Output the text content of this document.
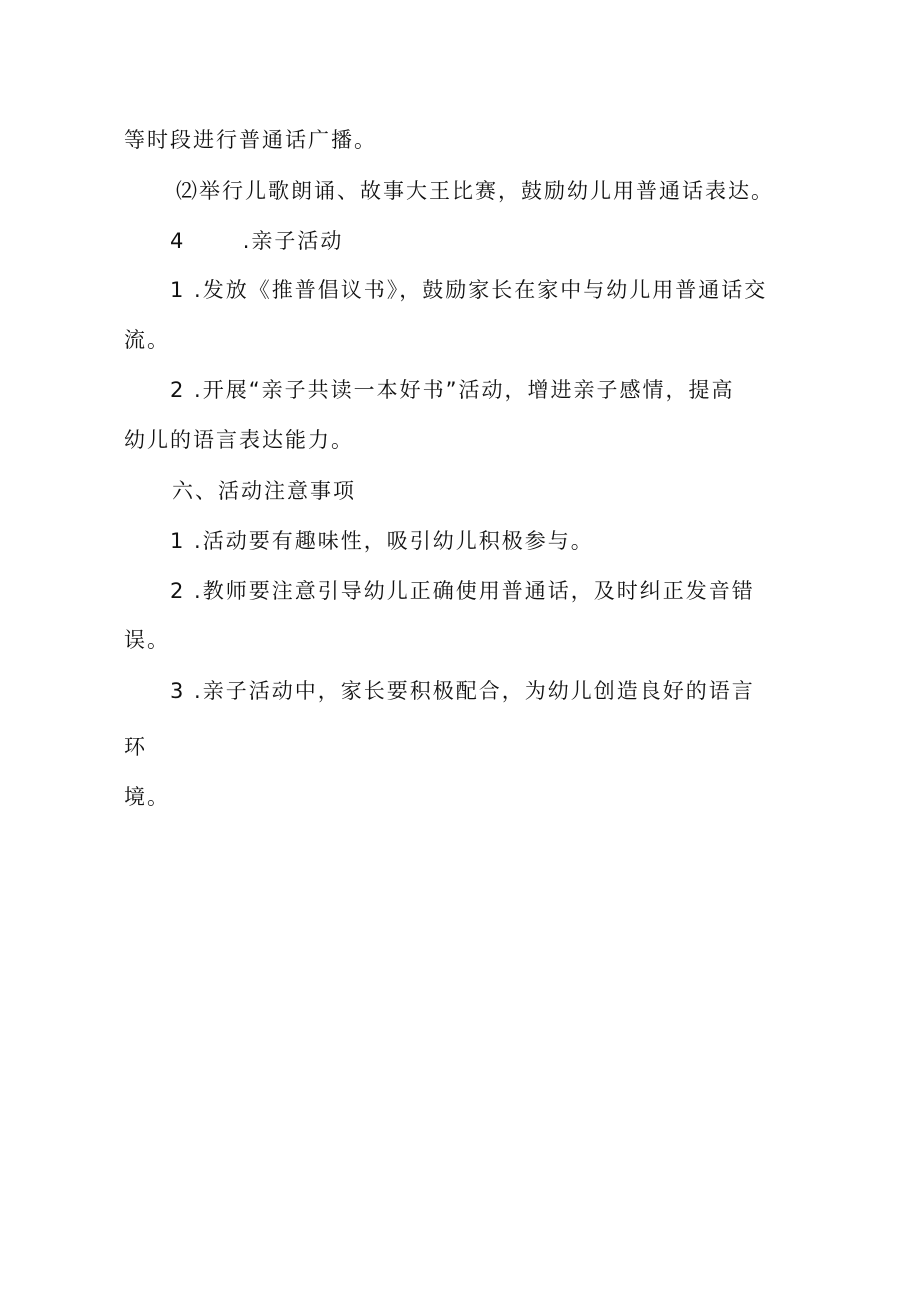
等时段进行普通话广播。
⑵举行儿歌朗诵、故事大王比赛，鼓励幼儿用普通话表达。
4	.亲子活动
1 .发放《推普倡议书》，鼓励家长在家中与幼儿用普通话交
流。
2 .开展“亲子共读一本好书”活动，增进亲子感情，提高
幼儿的语言表达能力。
六、活动注意事项
1 .活动要有趣味性，吸引幼儿积极参与。
2 .教师要注意引导幼儿正确使用普通话，及时纠正发音错
误。
3 .亲子活动中，家长要积极配合，为幼儿创造良好的语言
环
境。
